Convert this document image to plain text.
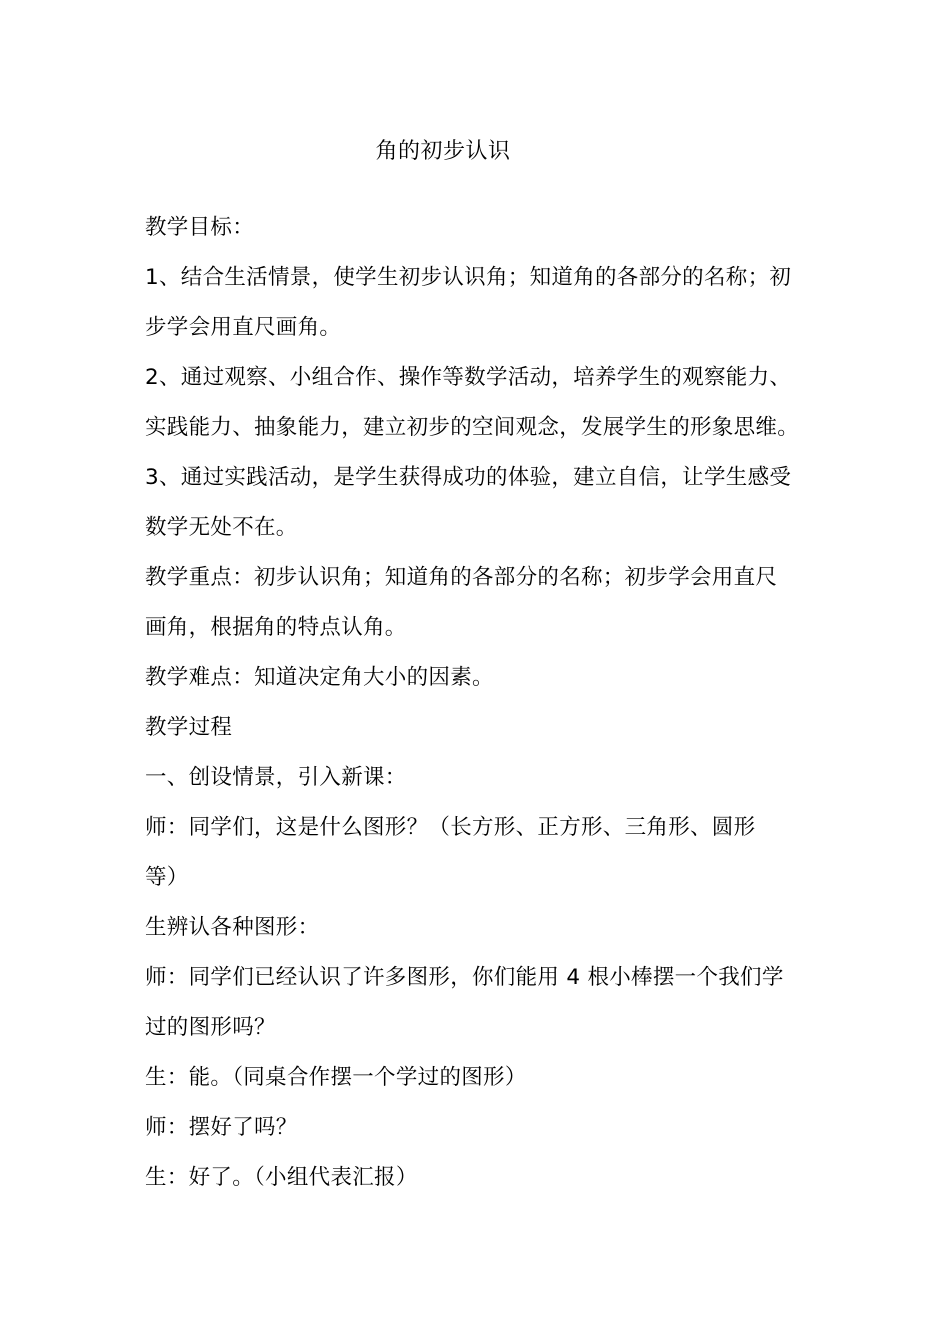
角的初步认识
教学目标：
1、结合生活情景，使学生初步认识角；知道角的各部分的名称；初
步学会用直尺画角。
2、通过观察、小组合作、操作等数学活动，培养学生的观察能力、
实践能力、抽象能力，建立初步的空间观念，发展学生的形象思维。
3、通过实践活动，是学生获得成功的体验，建立自信，让学生感受
数学无处不在。
教学重点：初步认识角；知道角的各部分的名称；初步学会用直尺
画角，根据角的特点认角。
教学难点：知道决定角大小的因素。
教学过程
一、创设情景，引入新课：
师：同学们，这是什么图形？（长方形、正方形、三角形、圆形
等）
生辨认各种图形：
师：同学们已经认识了许多图形，你们能用 4 根小棒摆一个我们学
过的图形吗？
生：能。（同桌合作摆一个学过的图形）
师：摆好了吗？
生：好了。（小组代表汇报）
